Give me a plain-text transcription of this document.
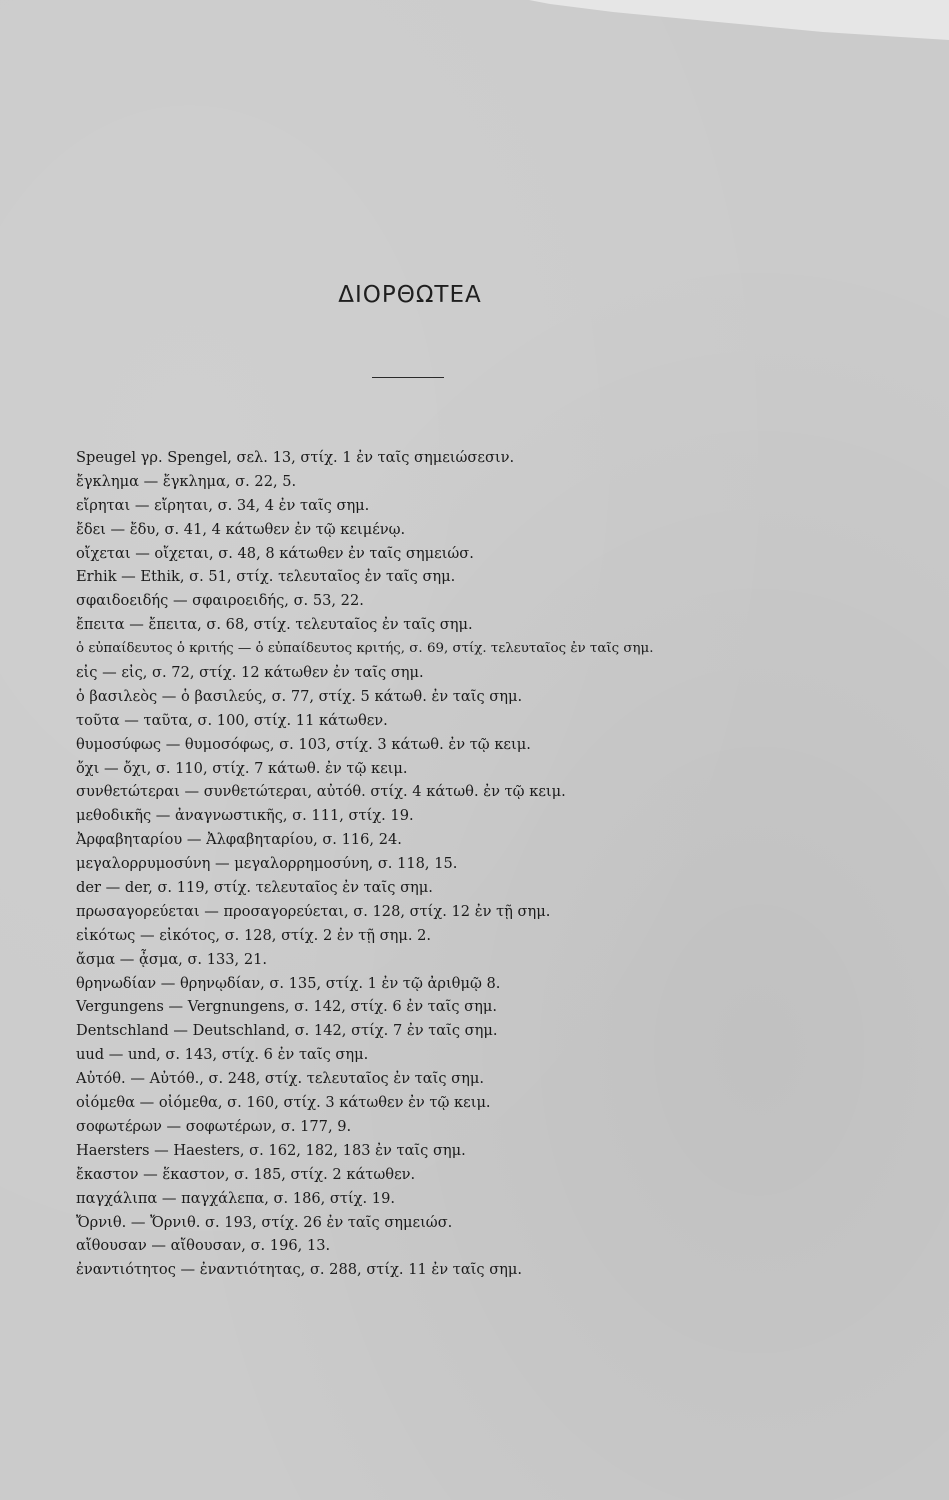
ΔΙΟΡΘΩΤΕΑ
Speugel γρ. Spengel, σελ. 13, στίχ. 1 ἐν ταῖς σημειώσεσιν.
ἔγκλημα — ἔγκλημα, σ. 22, 5.
εἴρηται — εἴρηται, σ. 34, 4 ἐν ταῖς σημ.
ἔδει — ἔδυ, σ. 41, 4 κάτωθεν ἐν τῷ κειμένῳ.
οἴχεται — οἴχεται, σ. 48, 8 κάτωθεν ἐν ταῖς σημειώσ.
Erhik — Ethik, σ. 51, στίχ. τελευταῖος ἐν ταῖς σημ.
σφαιδοειδής — σφαιροειδής, σ. 53, 22.
ἔπειτα — ἔπειτα, σ. 68, στίχ. τελευταῖος ἐν ταῖς σημ.
ὁ εὐπαίδευτος ὁ κριτής — ὁ εὐπαίδευτος κριτής, σ. 69, στίχ. τελευταῖος ἐν ταῖς σημ.
εἰς — εἰς, σ. 72, στίχ. 12 κάτωθεν ἐν ταῖς σημ.
ὁ βασιλεὸς — ὁ βασιλεύς, σ. 77, στίχ. 5 κάτωθ. ἐν ταῖς σημ.
τοῦτα — ταῦτα, σ. 100, στίχ. 11 κάτωθεν.
θυμοσύφως — θυμοσόφως, σ. 103, στίχ. 3 κάτωθ. ἐν τῷ κειμ.
ὄχι — ὄχι, σ. 110, στίχ. 7 κάτωθ. ἐν τῷ κειμ.
συνθετώτεραι — συνθετώτεραι, αὐτόθ. στίχ. 4 κάτωθ. ἐν τῷ κειμ.
μεθοδικῆς — ἀναγνωστικῆς, σ. 111, στίχ. 19.
Ἀρφαβηταρίου — Ἀλφαβηταρίου, σ. 116, 24.
μεγαλορρυμοσύνη — μεγαλορρημοσύνη, σ. 118, 15.
der — der, σ. 119, στίχ. τελευταῖος ἐν ταῖς σημ.
πρωσαγορεύεται — προσαγορεύεται, σ. 128, στίχ. 12 ἐν τῇ σημ.
εἰκότως — εἰκότος, σ. 128, στίχ. 2 ἐν τῇ σημ. 2.
ἄσμα — ᾆσμα, σ. 133, 21.
θρηνωδίαν — θρηνῳδίαν, σ. 135, στίχ. 1 ἐν τῷ ἀριθμῷ 8.
Vergungens — Vergnungens, σ. 142, στίχ. 6 ἐν ταῖς σημ.
Dentschland — Deutschland, σ. 142, στίχ. 7 ἐν ταῖς σημ.
uud — und, σ. 143, στίχ. 6 ἐν ταῖς σημ.
Αὐτόθ. — Αὐτόθ., σ. 248, στίχ. τελευταῖος ἐν ταῖς σημ.
οἰόμεθα — οἰόμεθα, σ. 160, στίχ. 3 κάτωθεν ἐν τῷ κειμ.
σοφωτέρων — σοφωτέρων, σ. 177, 9.
Haersters — Haesters, σ. 162, 182, 183 ἐν ταῖς σημ.
ἔκαστον — ἕκαστον, σ. 185, στίχ. 2 κάτωθεν.
παγχάλιπα — παγχάλεπα, σ. 186, στίχ. 19.
Ὄρνιθ. — Ὄρνιθ. σ. 193, στίχ. 26 ἐν ταῖς σημειώσ.
αἴθουσαν — αἴθουσαν, σ. 196, 13.
ἐναντιότητος — ἐναντιότητας, σ. 288, στίχ. 11 ἐν ταῖς σημ.
